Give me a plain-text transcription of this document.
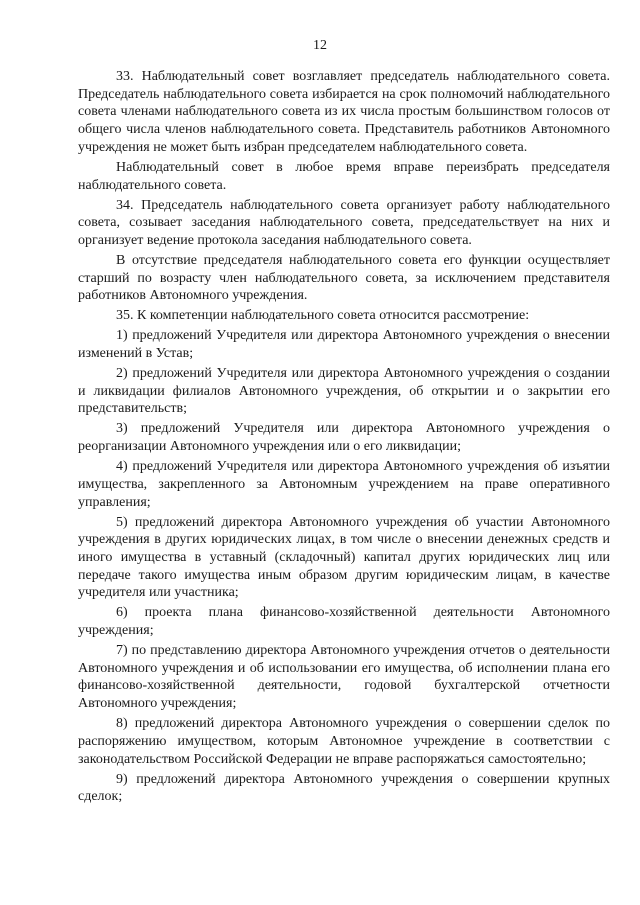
12

33. Наблюдательный совет возглавляет председатель наблюдательного совета. Председатель наблюдательного совета избирается на срок полномочий наблюдательного совета членами наблюдательного совета из их числа простым большинством голосов от общего числа членов наблюдательного совета. Представитель работников Автономного учреждения не может быть избран председателем наблюдательного совета.

Наблюдательный совет в любое время вправе переизбрать председателя наблюдательного совета.

34. Председатель наблюдательного совета организует работу наблюдательного совета, созывает заседания наблюдательного совета, председательствует на них и организует ведение протокола заседания наблюдательного совета.

В отсутствие председателя наблюдательного совета его функции осуществляет старший по возрасту член наблюдательного совета, за исключением представителя работников Автономного учреждения.

35. К компетенции наблюдательного совета относится рассмотрение:

1) предложений Учредителя или директора Автономного учреждения о внесении изменений в Устав;

2) предложений Учредителя или директора Автономного учреждения о создании и ликвидации филиалов Автономного учреждения, об открытии и о закрытии его представительств;

3) предложений Учредителя или директора Автономного учреждения о реорганизации Автономного учреждения или о его ликвидации;

4) предложений Учредителя или директора Автономного учреждения об изъятии имущества, закрепленного за Автономным учреждением на праве оперативного управления;

5) предложений директора Автономного учреждения об участии Автономного учреждения в других юридических лицах, в том числе о внесении денежных средств и иного имущества в уставный (складочный) капитал других юридических лиц или передаче такого имущества иным образом другим юридическим лицам, в качестве учредителя или участника;

6) проекта плана финансово-хозяйственной деятельности Автономного учреждения;

7) по представлению директора Автономного учреждения отчетов о деятельности Автономного учреждения и об использовании его имущества, об исполнении плана его финансово-хозяйственной деятельности, годовой бухгалтерской отчетности Автономного учреждения;

8) предложений директора Автономного учреждения о совершении сделок по распоряжению имуществом, которым Автономное учреждение в соответствии с законодательством Российской Федерации не вправе распоряжаться самостоятельно;

9) предложений директора Автономного учреждения о совершении крупных сделок;
